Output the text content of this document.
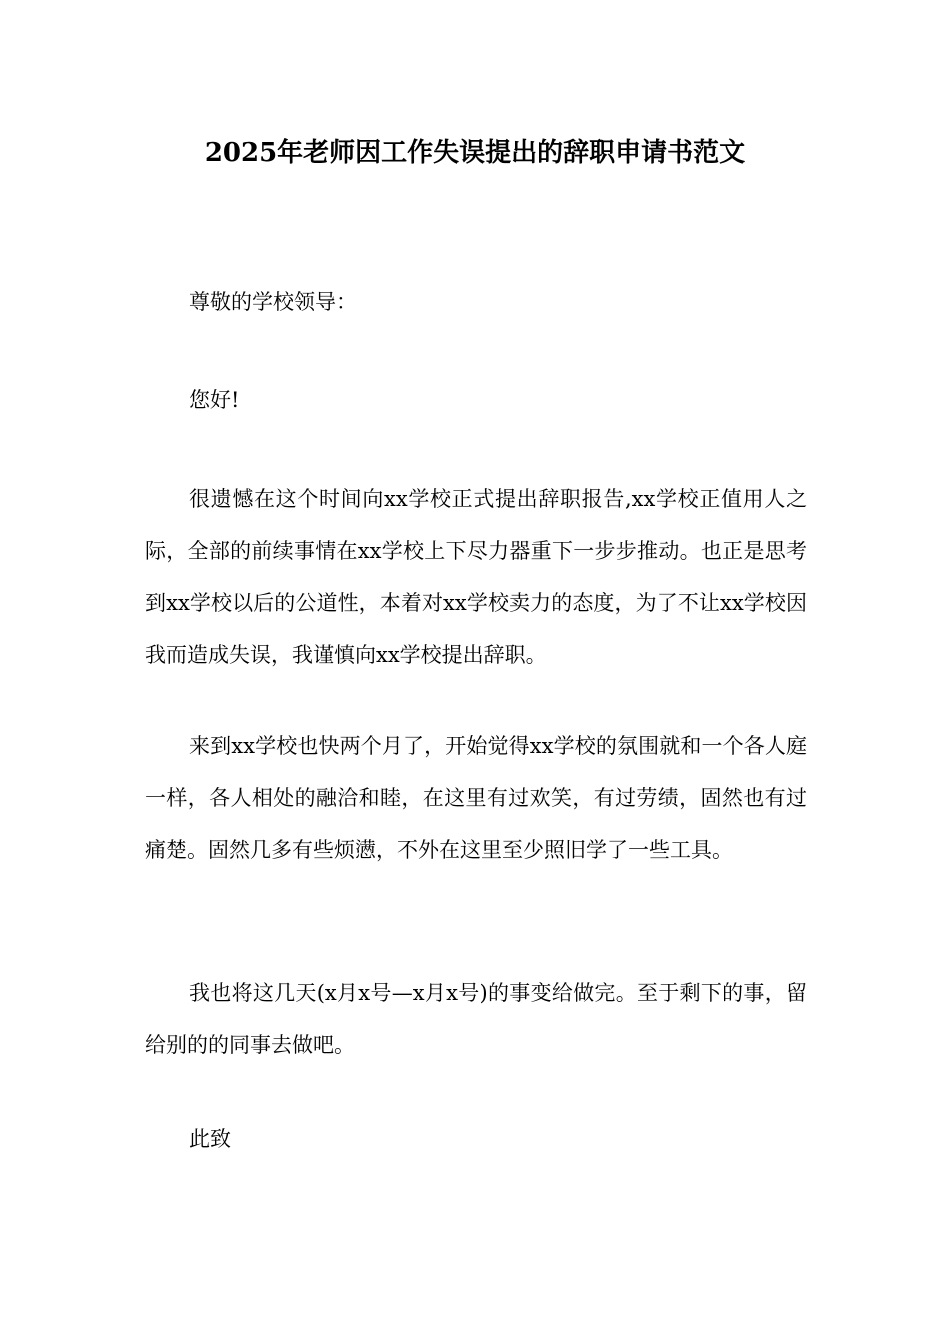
2025年老师因工作失误提出的辞职申请书范文

尊敬的学校领导：

您好!

很遗憾在这个时间向xx学校正式提出辞职报告,xx学校正值用人之际，全部的前续事情在xx学校上下尽力器重下一步步推动。也正是思考到xx学校以后的公道性，本着对xx学校卖力的态度，为了不让xx学校因我而造成失误，我谨慎向xx学校提出辞职。

来到xx学校也快两个月了，开始觉得xx学校的氛围就和一个各人庭一样，各人相处的融洽和睦，在这里有过欢笑，有过劳绩，固然也有过痛楚。固然几多有些烦懑，不外在这里至少照旧学了一些工具。

我也将这几天(x月x号—x月x号)的事变给做完。至于剩下的事，留给别的的同事去做吧。

此致
